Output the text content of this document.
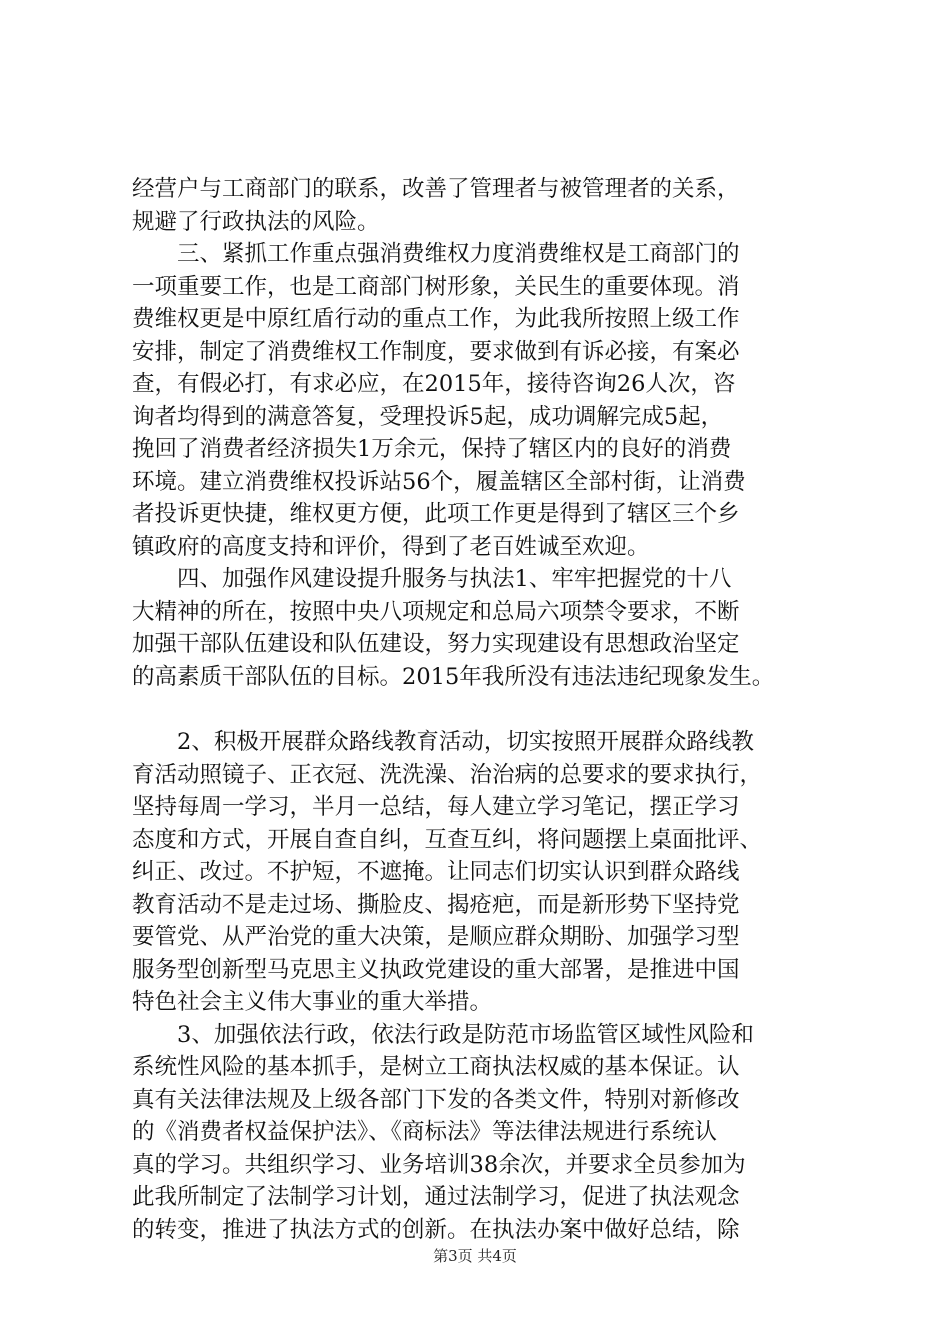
经营户与工商部门的联系，改善了管理者与被管理者的关系，
规避了行政执法的风险。
　　三、紧抓工作重点强消费维权力度消费维权是工商部门的
一项重要工作，也是工商部门树形象，关民生的重要体现。消
费维权更是中原红盾行动的重点工作，为此我所按照上级工作
安排，制定了消费维权工作制度，要求做到有诉必接，有案必
查，有假必打，有求必应，在2015年，接待咨询26人次，咨
询者均得到的满意答复，受理投诉5起，成功调解完成5起，
挽回了消费者经济损失1万余元，保持了辖区内的良好的消费
环境。建立消费维权投诉站56个，履盖辖区全部村街，让消费
者投诉更快捷，维权更方便，此项工作更是得到了辖区三个乡
镇政府的高度支持和评价，得到了老百姓诚至欢迎。
　　四、加强作风建设提升服务与执法1、牢牢把握党的十八
大精神的所在，按照中央八项规定和总局六项禁令要求，不断
加强干部队伍建设和队伍建设，努力实现建设有思想政治坚定
的高素质干部队伍的目标。2015年我所没有违法违纪现象发生。
　　2、积极开展群众路线教育活动，切实按照开展群众路线教
育活动照镜子、正衣冠、洗洗澡、治治病的总要求的要求执行，
坚持每周一学习，半月一总结，每人建立学习笔记，摆正学习
态度和方式，开展自查自纠，互查互纠，将问题摆上桌面批评、
纠正、改过。不护短，不遮掩。让同志们切实认识到群众路线
教育活动不是走过场、撕脸皮、揭疮疤，而是新形势下坚持党
要管党、从严治党的重大决策，是顺应群众期盼、加强学习型
服务型创新型马克思主义执政党建设的重大部署，是推进中国
特色社会主义伟大事业的重大举措。
　　3、加强依法行政，依法行政是防范市场监管区域性风险和
系统性风险的基本抓手，是树立工商执法权威的基本保证。认
真有关法律法规及上级各部门下发的各类文件，特别对新修改
的《消费者权益保护法》、《商标法》等法律法规进行系统认
真的学习。共组织学习、业务培训38余次，并要求全员参加为
此我所制定了法制学习计划，通过法制学习，促进了执法观念
的转变，推进了执法方式的创新。在执法办案中做好总结，除
第3页 共4页
